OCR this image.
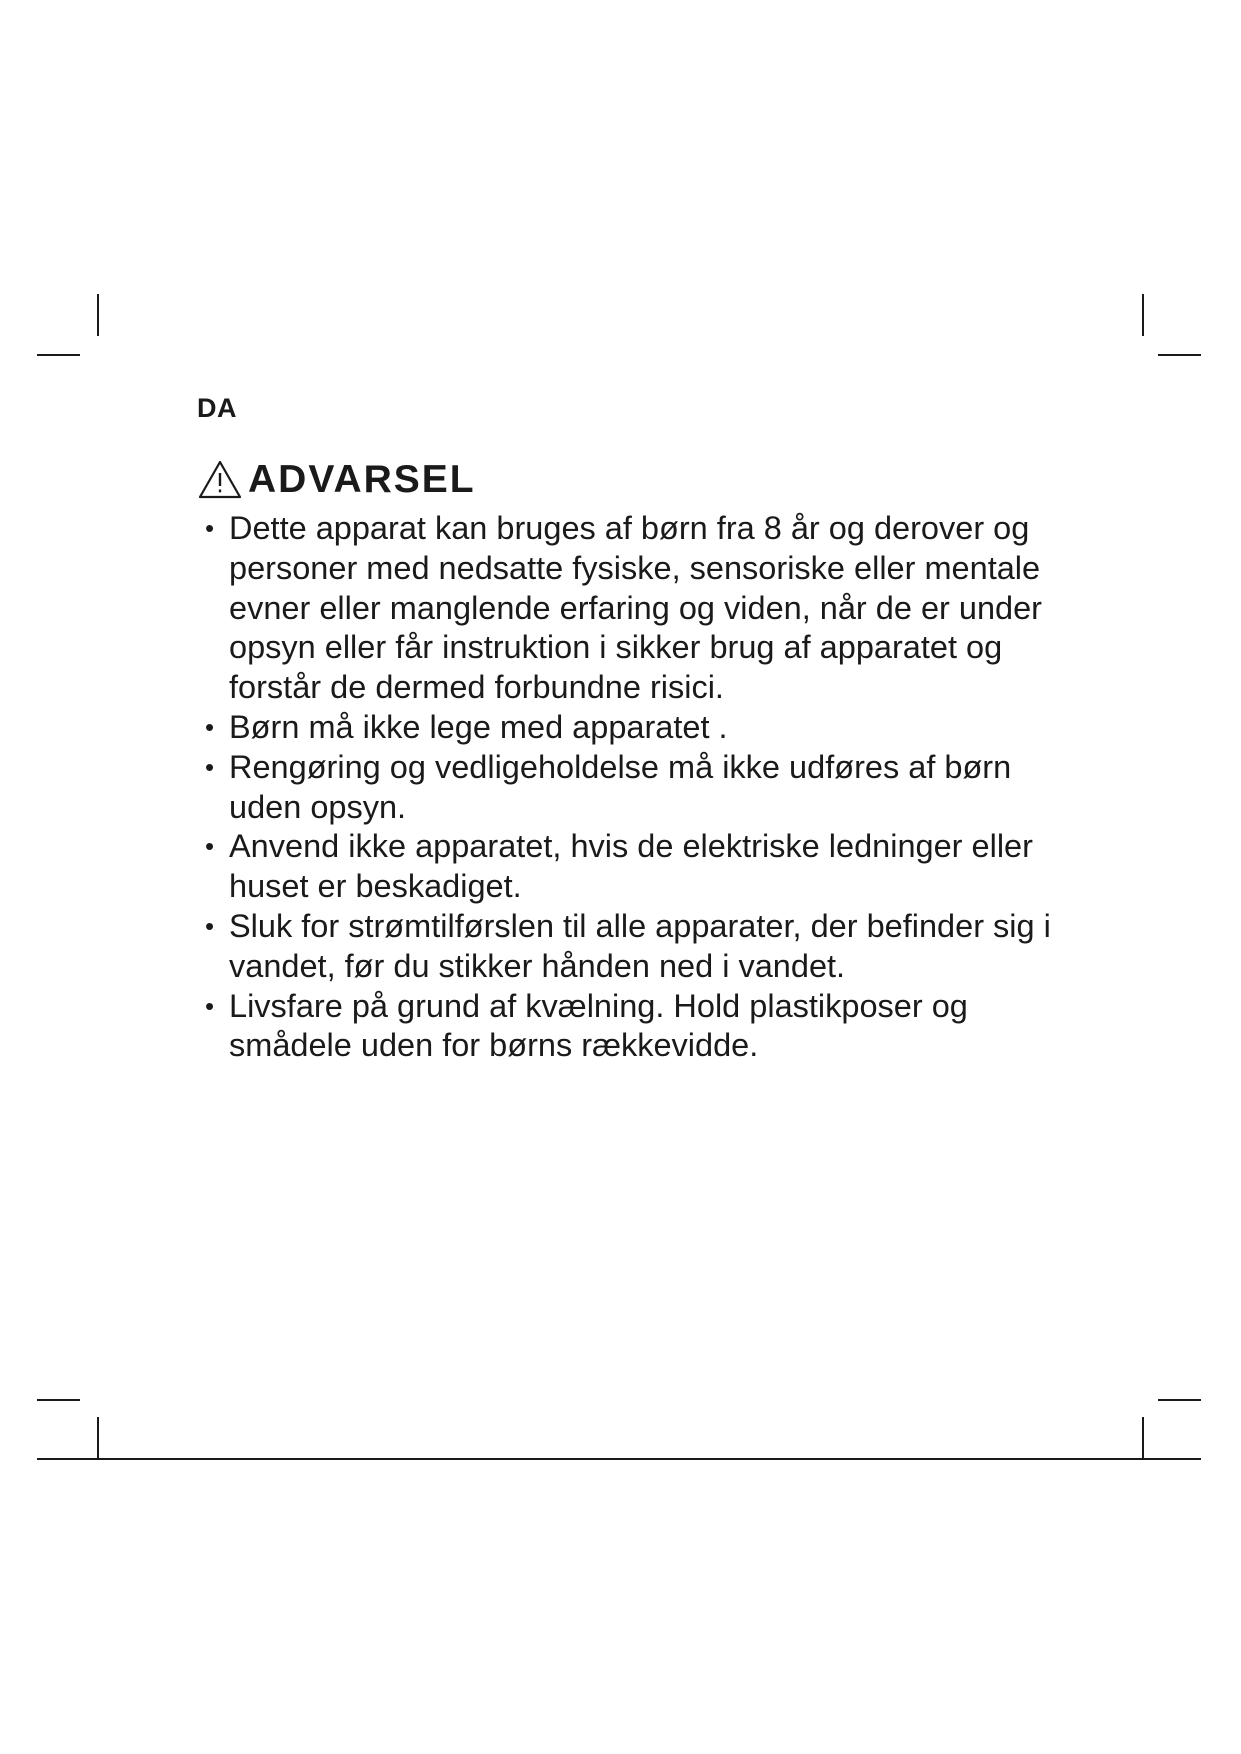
DA
ADVARSEL
• Dette apparat kan bruges af børn fra 8 år og derover og personer med nedsatte fysiske, sensoriske eller mentale evner eller manglende erfaring og viden, når de er under opsyn eller får instruktion i sikker brug af apparatet og forstår de dermed forbundne risici.
• Børn må ikke lege med apparatet .
• Rengøring og vedligeholdelse må ikke udføres af børn uden opsyn.
• Anvend ikke apparatet, hvis de elektriske ledninger eller huset er beskadiget.
• Sluk for strømtilførslen til alle apparater, der befinder sig i vandet, før du stikker hånden ned i vandet.
• Livsfare på grund af kvælning. Hold plastikposer og smådele uden for børns rækkevidde.
